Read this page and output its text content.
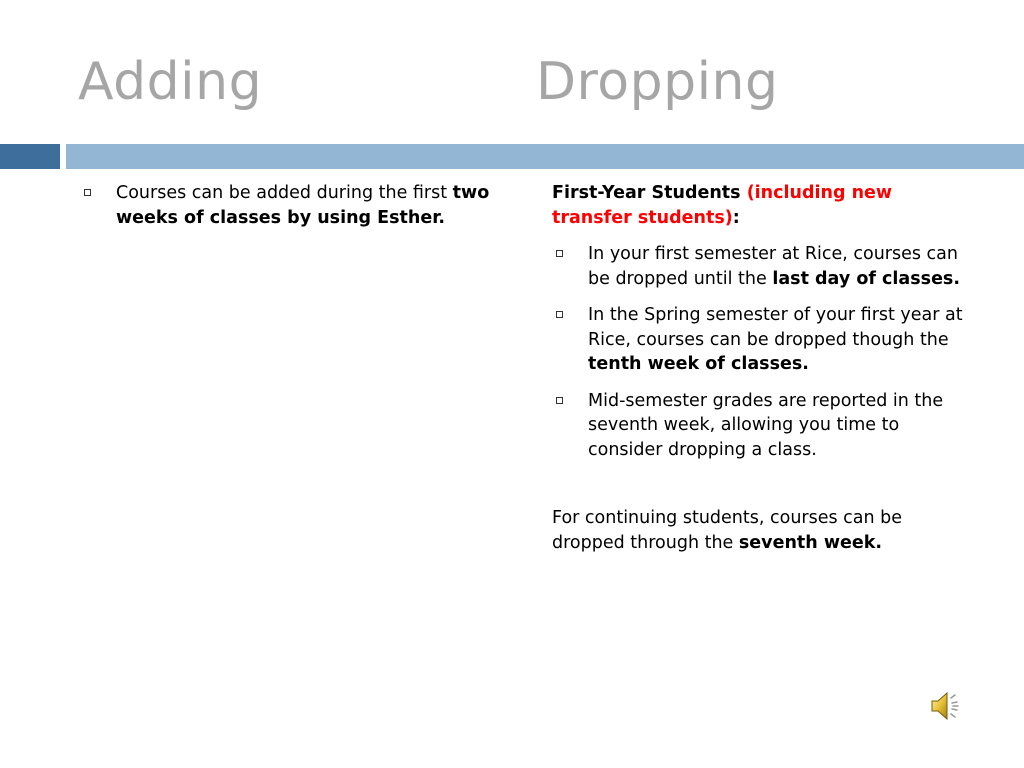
Adding

	Dropping

Courses can be added during the first two weeks of classes by using Esther.

First-Year Students (including new transfer students):

In your first semester at Rice, courses can be dropped until the last day of classes.

In the Spring semester of your first year at Rice, courses can be dropped though the tenth week of classes.

Mid-semester grades are reported in the seventh week, allowing you time to consider dropping a class.

For continuing students, courses can be dropped through the seventh week.
